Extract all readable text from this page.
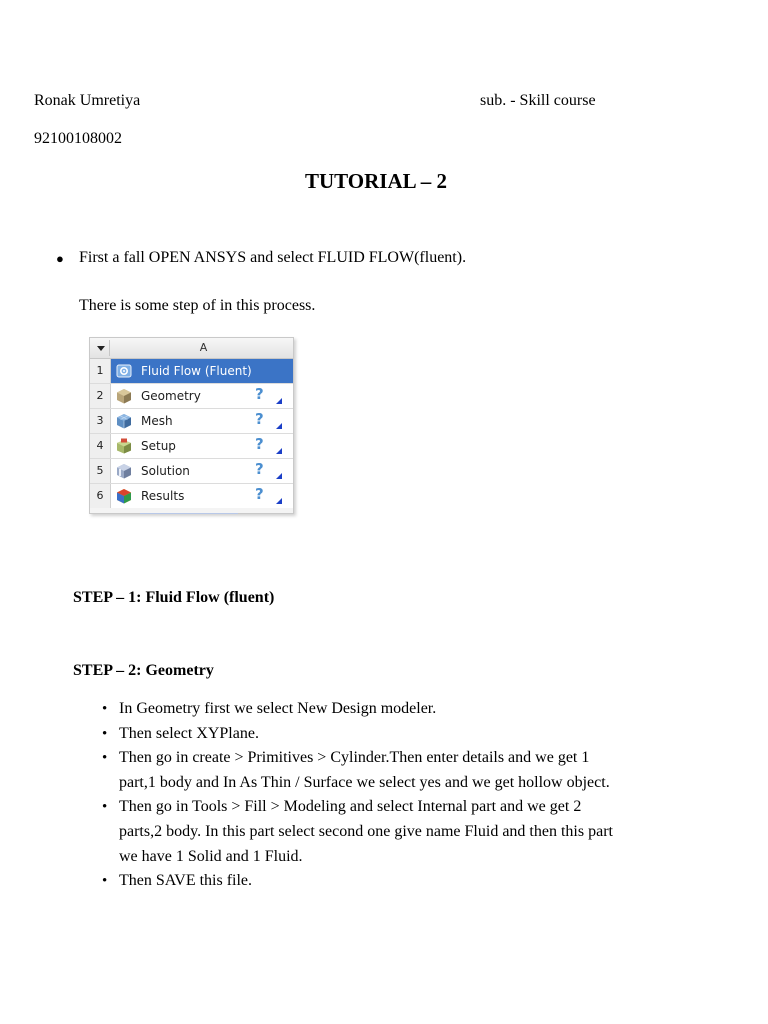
Ronak Umretiya	sub. - Skill course
92100108002
TUTORIAL – 2
● First a fall OPEN ANSYS and select FLUID FLOW(fluent).
There is some step of in this process.
A
1	Fluid Flow (Fluent)
2	Geometry	?
3	Mesh	?
4	Setup	?
5	Solution	?
6	Results	?
STEP – 1: Fluid Flow (fluent)
STEP – 2: Geometry
• In Geometry first we select New Design modeler.
• Then select XYPlane.
• Then go in create > Primitives > Cylinder.Then enter details and we get 1 part,1 body and In As Thin / Surface we select yes and we get hollow object.
• Then go in Tools > Fill > Modeling and select Internal part and we get 2 parts,2 body. In this part select second one give name Fluid and then this part we have 1 Solid and 1 Fluid.
• Then SAVE this file.
